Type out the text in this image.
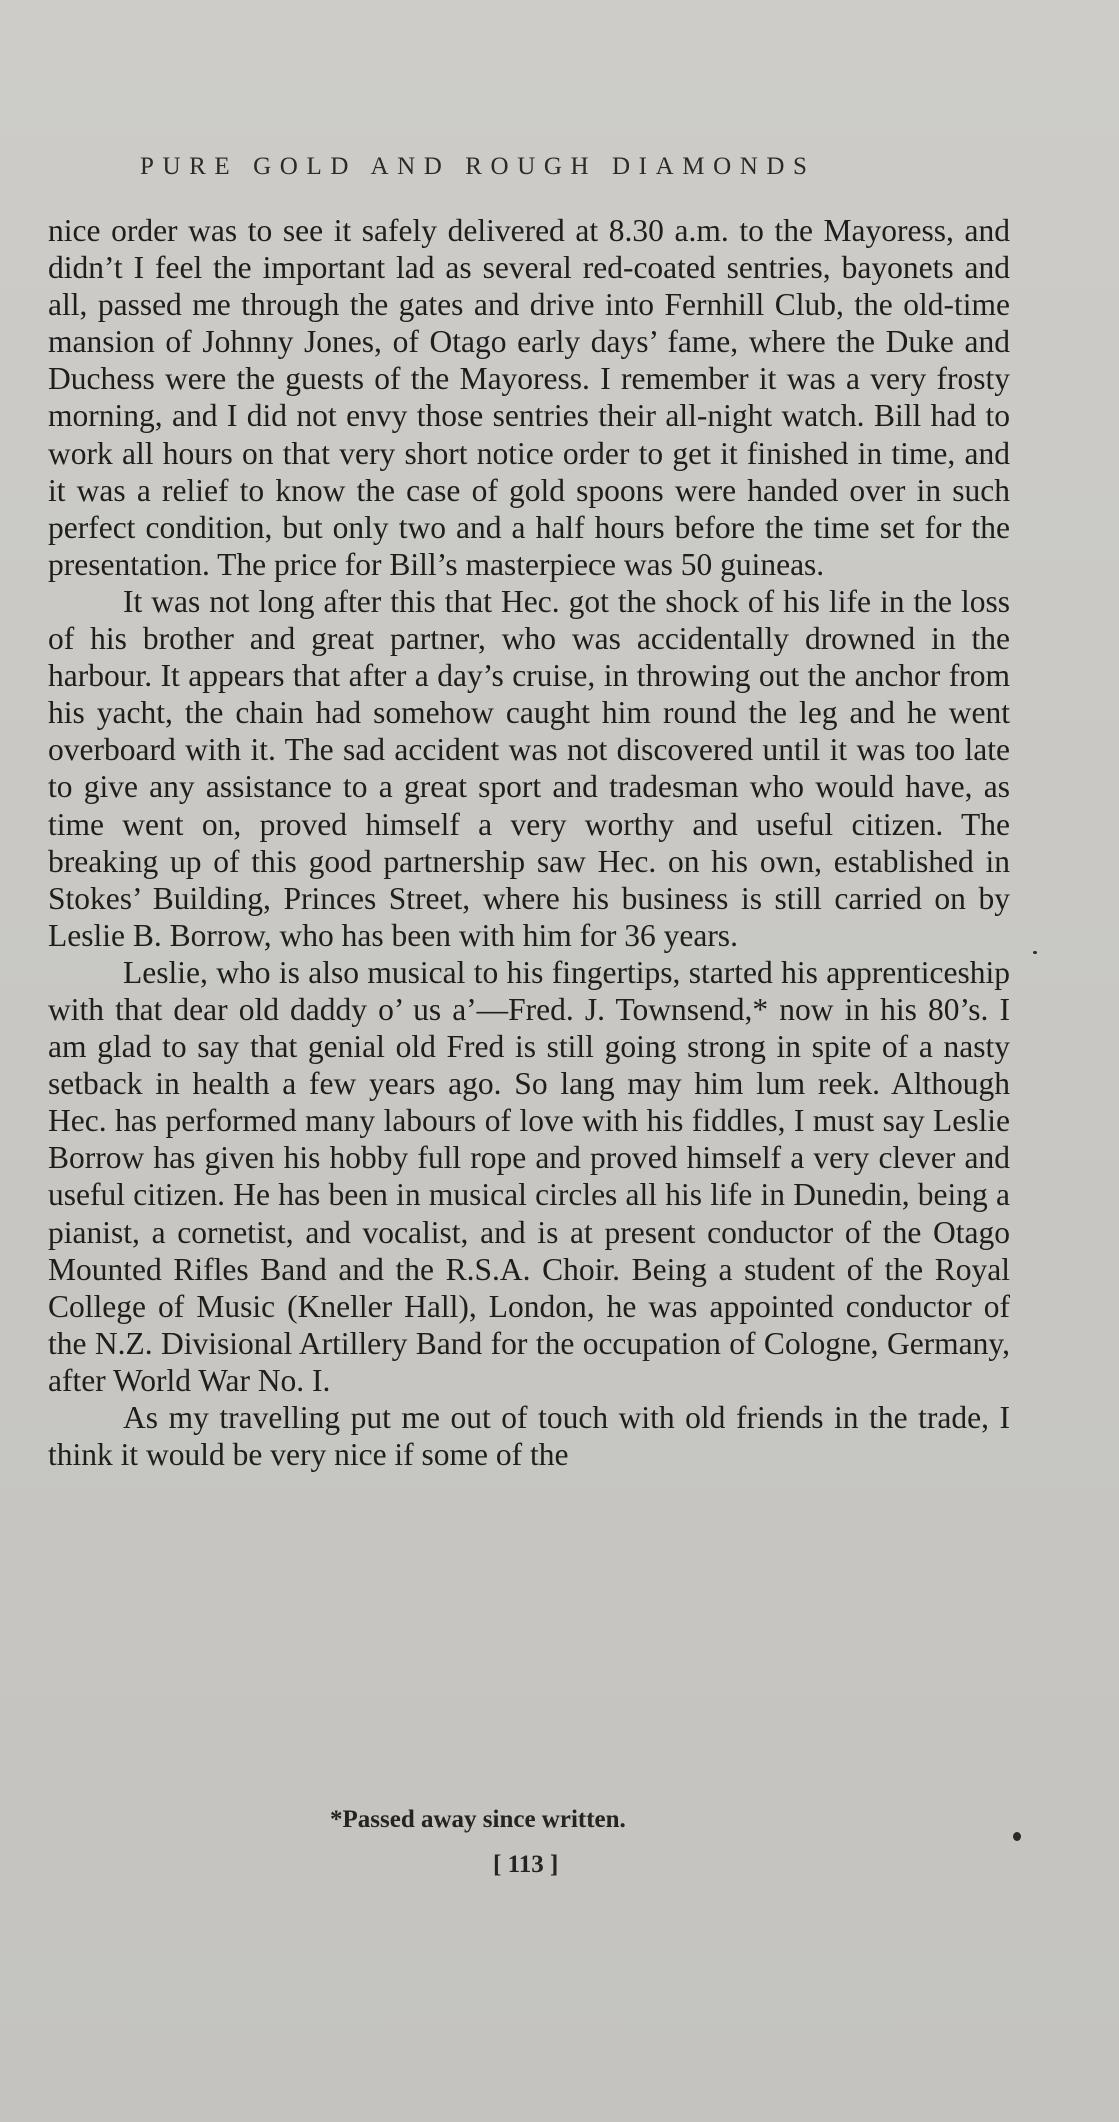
PURE GOLD AND ROUGH DIAMONDS

nice order was to see it safely delivered at 8.30 a.m. to the Mayoress, and didn’t I feel the important lad as several red-coated sentries, bayonets and all, passed me through the gates and drive into Fernhill Club, the old-time mansion of Johnny Jones, of Otago early days’ fame, where the Duke and Duchess were the guests of the Mayoress. I remember it was a very frosty morning, and I did not envy those sentries their all-night watch. Bill had to work all hours on that very short notice order to get it finished in time, and it was a relief to know the case of gold spoons were handed over in such perfect condition, but only two and a half hours before the time set for the presentation. The price for Bill’s masterpiece was 50 guineas.

It was not long after this that Hec. got the shock of his life in the loss of his brother and great partner, who was accidentally drowned in the harbour. It appears that after a day’s cruise, in throwing out the anchor from his yacht, the chain had somehow caught him round the leg and he went overboard with it. The sad accident was not discovered until it was too late to give any assistance to a great sport and tradesman who would have, as time went on, proved himself a very worthy and useful citizen. The breaking up of this good partnership saw Hec. on his own, established in Stokes’ Building, Princes Street, where his business is still carried on by Leslie B. Borrow, who has been with him for 36 years.

Leslie, who is also musical to his fingertips, started his apprenticeship with that dear old daddy o’ us a’—Fred. J. Townsend,* now in his 80’s. I am glad to say that genial old Fred is still going strong in spite of a nasty setback in health a few years ago. So lang may him lum reek. Although Hec. has performed many labours of love with his fiddles, I must say Leslie Borrow has given his hobby full rope and proved himself a very clever and useful citizen. He has been in musical circles all his life in Dunedin, being a pianist, a cornetist, and vocalist, and is at present conductor of the Otago Mounted Rifles Band and the R.S.A. Choir. Being a student of the Royal College of Music (Kneller Hall), London, he was appointed conductor of the N.Z. Divisional Artillery Band for the occupation of Cologne, Germany, after World War No. I.

As my travelling put me out of touch with old friends in the trade, I think it would be very nice if some of the

*Passed away since written.
[ 113 ]
